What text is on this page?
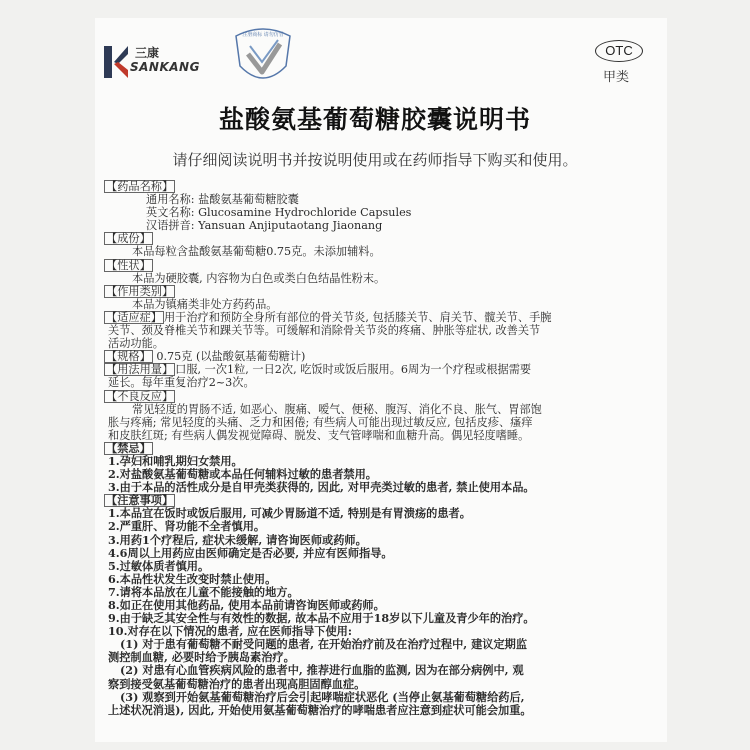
三康
SANKANG
注册商标 请勿仿冒
OTC
甲类
盐酸氨基葡萄糖胶囊说明书
请仔细阅读说明书并按说明使用或在药师指导下购买和使用。
【药品名称】
通用名称: 盐酸氨基葡萄糖胶囊
英文名称: Glucosamine Hydrochloride Capsules
汉语拼音: Yansuan Anjiputaotang Jiaonang
【成份】
本品每粒含盐酸氨基葡萄糖0.75克。未添加辅料。
【性状】
本品为硬胶囊, 内容物为白色或类白色结晶性粉末。
【作用类别】
本品为镇痛类非处方药药品。
【适应症】 用于治疗和预防全身所有部位的骨关节炎, 包括膝关节、肩关节、髋关节、手腕
关节、颈及脊椎关节和踝关节等。可缓解和消除骨关节炎的疼痛、肿胀等症状, 改善关节
活动功能。
【规格】 0.75克 (以盐酸氨基葡萄糖计)
【用法用量】 口服, 一次1粒, 一日2次, 吃饭时或饭后服用。6周为一个疗程或根据需要
延长。每年重复治疗2~3次。
【不良反应】
常见轻度的胃肠不适, 如恶心、腹痛、嗳气、便秘、腹泻、消化不良、胀气、胃部饱
胀与疼痛; 常见轻度的头痛、乏力和困倦; 有些病人可能出现过敏反应, 包括皮疹、瘙痒
和皮肤红斑; 有些病人偶发视觉障碍、脱发、支气管哮喘和血糖升高。偶见轻度嗜睡。
【禁忌】
1.孕妇和哺乳期妇女禁用。
2.对盐酸氨基葡萄糖或本品任何辅料过敏的患者禁用。
3.由于本品的活性成分是自甲壳类获得的, 因此, 对甲壳类过敏的患者, 禁止使用本品。
【注意事项】
1.本品宜在饭时或饭后服用, 可减少胃肠道不适, 特别是有胃溃疡的患者。
2.严重肝、肾功能不全者慎用。
3.用药1个疗程后, 症状未缓解, 请咨询医师或药师。
4.6周以上用药应由医师确定是否必要, 并应有医师指导。
5.过敏体质者慎用。
6.本品性状发生改变时禁止使用。
7.请将本品放在儿童不能接触的地方。
8.如正在使用其他药品, 使用本品前请咨询医师或药师。
9.由于缺乏其安全性与有效性的数据, 故本品不应用于18岁以下儿童及青少年的治疗。
10.对存在以下情况的患者, 应在医师指导下使用:
(1) 对于患有葡萄糖不耐受问题的患者, 在开始治疗前及在治疗过程中, 建议定期监
测控制血糖, 必要时给予胰岛素治疗。
(2) 对患有心血管疾病风险的患者中, 推荐进行血脂的监测, 因为在部分病例中, 观
察到接受氨基葡萄糖治疗的患者出现高胆固醇血症。
(3) 观察到开始氨基葡萄糖治疗后会引起哮喘症状恶化 (当停止氨基葡萄糖给药后,
上述状况消退), 因此, 开始使用氨基葡萄糖治疗的哮喘患者应注意到症状可能会加重。
